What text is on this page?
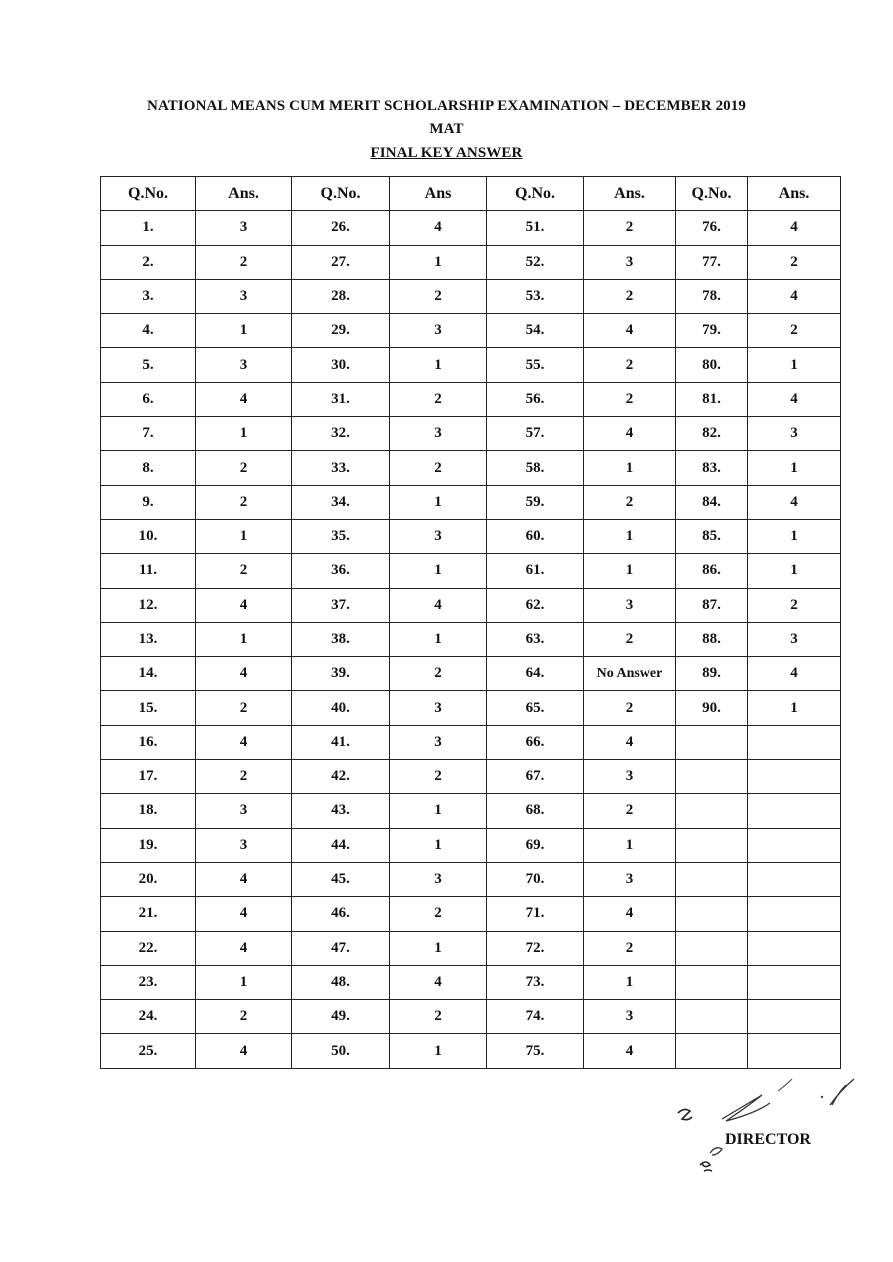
NATIONAL MEANS CUM MERIT SCHOLARSHIP EXAMINATION – DECEMBER 2019
MAT
FINAL KEY ANSWER
Q.No.	Ans.	Q.No.	Ans	Q.No.	Ans.	Q.No.	Ans.
1.	3	26.	4	51.	2	76.	4
2.	2	27.	1	52.	3	77.	2
3.	3	28.	2	53.	2	78.	4
4.	1	29.	3	54.	4	79.	2
5.	3	30.	1	55.	2	80.	1
6.	4	31.	2	56.	2	81.	4
7.	1	32.	3	57.	4	82.	3
8.	2	33.	2	58.	1	83.	1
9.	2	34.	1	59.	2	84.	4
10.	1	35.	3	60.	1	85.	1
11.	2	36.	1	61.	1	86.	1
12.	4	37.	4	62.	3	87.	2
13.	1	38.	1	63.	2	88.	3
14.	4	39.	2	64.	No Answer	89.	4
15.	2	40.	3	65.	2	90.	1
16.	4	41.	3	66.	4		
17.	2	42.	2	67.	3		
18.	3	43.	1	68.	2		
19.	3	44.	1	69.	1		
20.	4	45.	3	70.	3		
21.	4	46.	2	71.	4		
22.	4	47.	1	72.	2		
23.	1	48.	4	73.	1		
24.	2	49.	2	74.	3		
25.	4	50.	1	75.	4		
DIRECTOR
